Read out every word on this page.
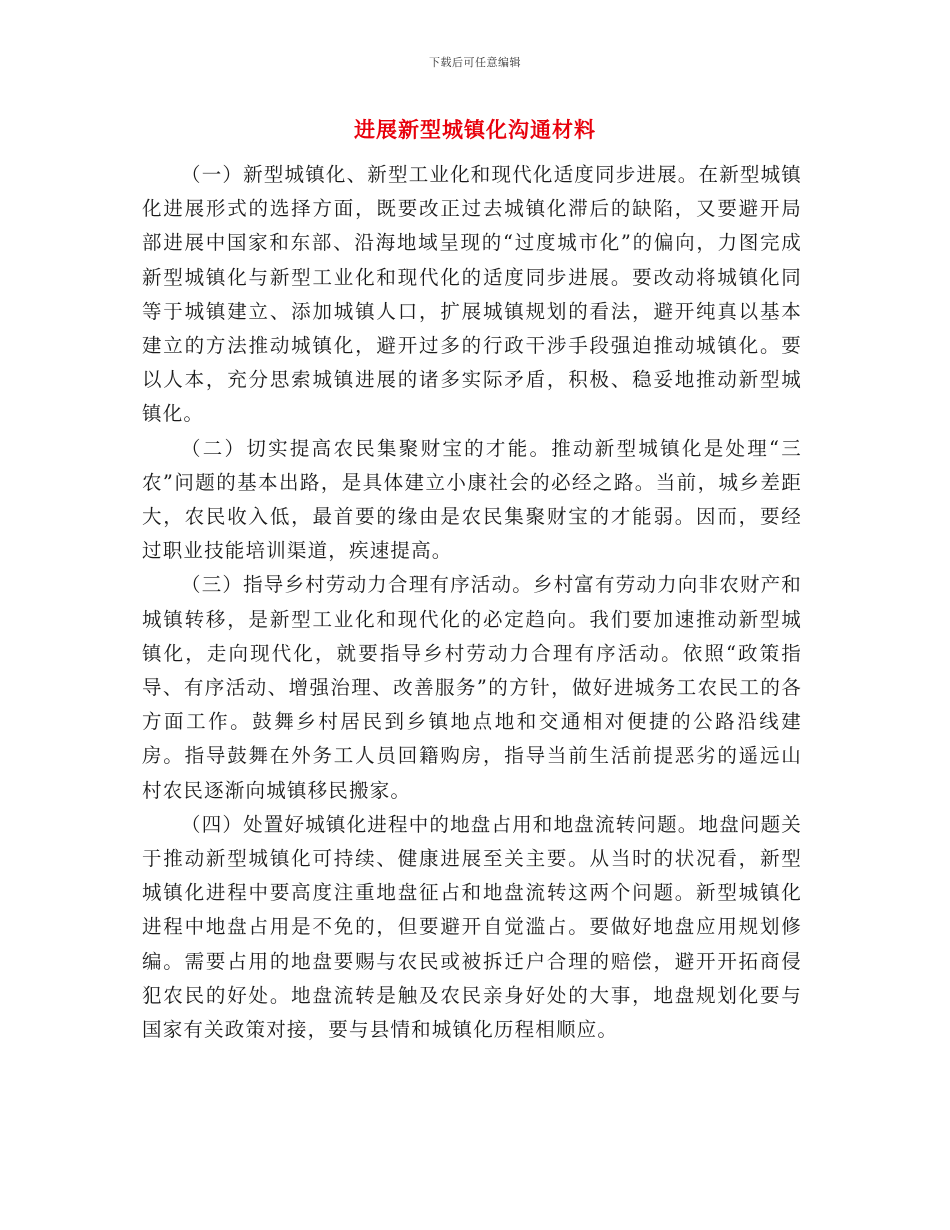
下载后可任意编辑
进展新型城镇化沟通材料

（一）新型城镇化、新型工业化和现代化适度同步进展。在新型城镇化进展形式的选择方面，既要改正过去城镇化滞后的缺陷，又要避开局部进展中国家和东部、沿海地域呈现的“过度城市化”的偏向，力图完成新型城镇化与新型工业化和现代化的适度同步进展。要改动将城镇化同等于城镇建立、添加城镇人口，扩展城镇规划的看法，避开纯真以基本建立的方法推动城镇化，避开过多的行政干涉手段强迫推动城镇化。要以人本，充分思索城镇进展的诸多实际矛盾，积极、稳妥地推动新型城镇化。

（二）切实提高农民集聚财宝的才能。推动新型城镇化是处理“三农”问题的基本出路，是具体建立小康社会的必经之路。当前，城乡差距大，农民收入低，最首要的缘由是农民集聚财宝的才能弱。因而，要经过职业技能培训渠道，疾速提高。

（三）指导乡村劳动力合理有序活动。乡村富有劳动力向非农财产和城镇转移，是新型工业化和现代化的必定趋向。我们要加速推动新型城镇化，走向现代化，就要指导乡村劳动力合理有序活动。依照“政策指导、有序活动、增强治理、改善服务”的方针，做好进城务工农民工的各方面工作。鼓舞乡村居民到乡镇地点地和交通相对便捷的公路沿线建房。指导鼓舞在外务工人员回籍购房，指导当前生活前提恶劣的遥远山村农民逐渐向城镇移民搬家。

（四）处置好城镇化进程中的地盘占用和地盘流转问题。地盘问题关于推动新型城镇化可持续、健康进展至关主要。从当时的状况看，新型城镇化进程中要高度注重地盘征占和地盘流转这两个问题。新型城镇化进程中地盘占用是不免的，但要避开自觉滥占。要做好地盘应用规划修编。需要占用的地盘要赐与农民或被拆迁户合理的赔偿，避开开拓商侵犯农民的好处。地盘流转是触及农民亲身好处的大事，地盘规划化要与国家有关政策对接，要与县情和城镇化历程相顺应。
